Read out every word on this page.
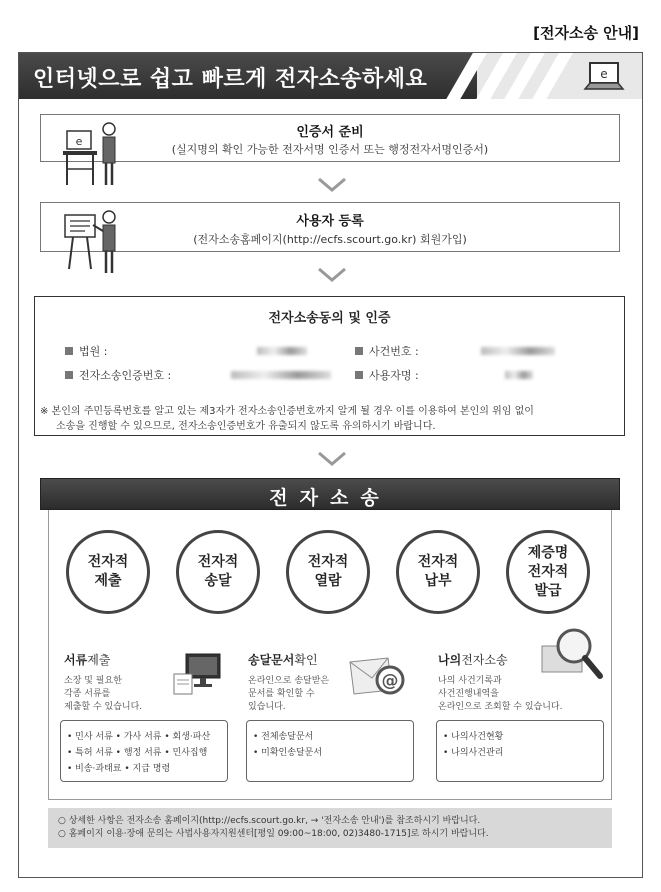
[전자소송 안내]
인터넷으로 쉽고 빠르게 전자소송하세요	e
e
인증서 준비
(실지명의 확인 가능한 전자서명 인증서 또는 행정전자서명인증서)
사용자 등록
(전자소송홈페이지(http://ecfs.scourt.go.kr) 회원가입)
전자소송동의 및 인증
법원 :	사건번호 :
전자소송인증번호 :	사용자명 :
※ 본인의 주민등록번호를 알고 있는 제3자가 전자소송인증번호까지 알게 될 경우 이를 이용하여 본인의 위임 없이
소송을 진행할 수 있으므로, 전자소송인증번호가 유출되지 않도록 유의하시기 바랍니다.
전자소송
전자적
제출
전자적
송달
전자적
열람
전자적
납부
제증명
전자적
발급
서류제출
소장 및 필요한
각종 서류를
제출할 수 있습니다.
• 민사 서류 • 가사 서류 • 회생·파산
• 특허 서류 • 행정 서류 • 민사집행
• 비송·과태료 • 지급 명령
송달문서확인
온라인으로 송달받은
문서를 확인할 수
있습니다.
@
• 전체송달문서
• 미확인송달문서
나의전자소송
나의 사건기록과
사건진행내역을
온라인으로 조회할 수 있습니다.
• 나의사건현황
• 나의사건관리
○ 상세한 사항은 전자소송 홈페이지(http://ecfs.scourt.go.kr, → '전자소송 안내')를 참조하시기 바랍니다.
○ 홈페이지 이용·장애 문의는 사법사용자지원센터[평일 09:00~18:00, 02)3480-1715]로 하시기 바랍니다.
